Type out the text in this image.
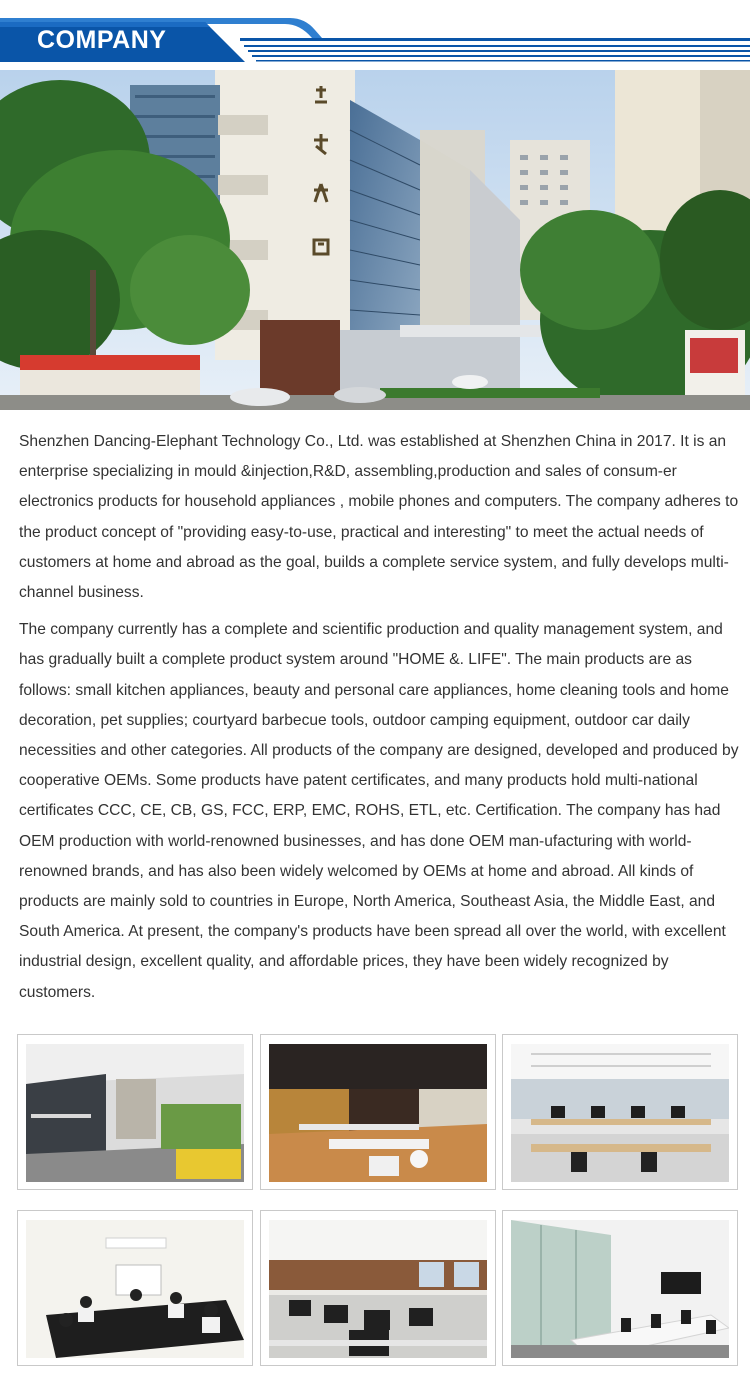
COMPANY

Shenzhen Dancing-Elephant Technology Co., Ltd. was established at Shenzhen China in 2017. It is an enterprise specializing in mould &injection,R&D, assembling,production and sales of consum-er electronics products for household appliances , mobile phones and computers. The company adheres to the product concept of "providing easy-to-use, practical and interesting" to meet the actual needs of customers at home and abroad as the goal, builds a complete service system, and fully develops multi-channel business.

The company currently has a complete and scientific production and quality management system, and has gradually built a complete product system around "HOME &. LIFE". The main products are as follows: small kitchen appliances, beauty and personal care appliances, home cleaning tools and home decoration, pet supplies; courtyard barbecue tools, outdoor camping equipment, outdoor car daily necessities and other categories. All products of the company are designed, developed and produced by cooperative OEMs. Some products have patent certificates, and many products hold multi-national certificates CCC, CE, CB, GS, FCC, ERP, EMC, ROHS, ETL, etc. Certification. The company has had OEM production with world-renowned businesses, and has done OEM man-ufacturing with world-renowned brands, and has also been widely welcomed by OEMs at home and abroad. All kinds of products are mainly sold to countries in Europe, North America, Southeast Asia, the Middle East, and South America. At present, the company's products have been spread all over the world, with excellent industrial design, excellent quality, and affordable prices, they have been widely recognized by customers.
